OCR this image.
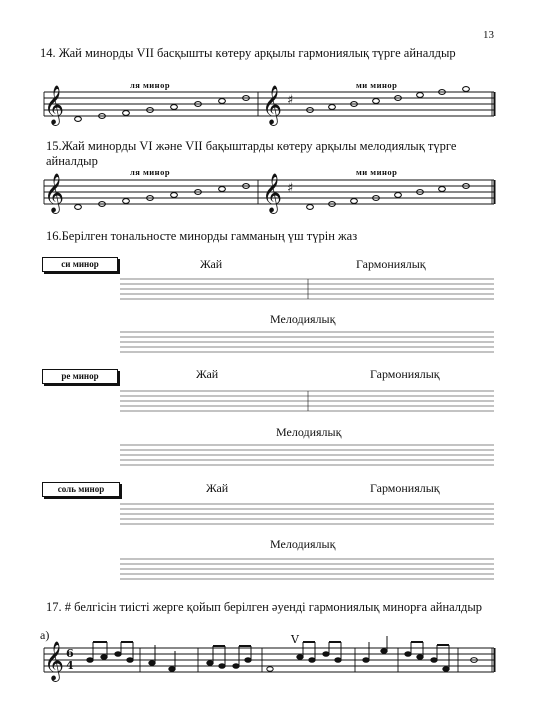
13
14. Жай минорды VII басқышты көтеру арқылы гармониялық түрге айналдыр
ля минор	ми минор
15.Жай минорды VI және VII бақыштарды көтеру арқылы мелодиялық түрге айналдыр
ля минор	ми минор
16.Берілген тональносте минорды гамманың үш түрін жаз
си минор	Жай	Гармониялық
Мелодиялық
ре минор	Жай	Гармониялық
Мелодиялық
соль минор	Жай	Гармониялық
Мелодиялық
17. # белгісін тиісті жерге қойып берілген әуенді гармониялық минорға айналдыр
а)
𝄞	𝄞
𝄞	𝄞
𝄞
♯
♯
6
4
V
